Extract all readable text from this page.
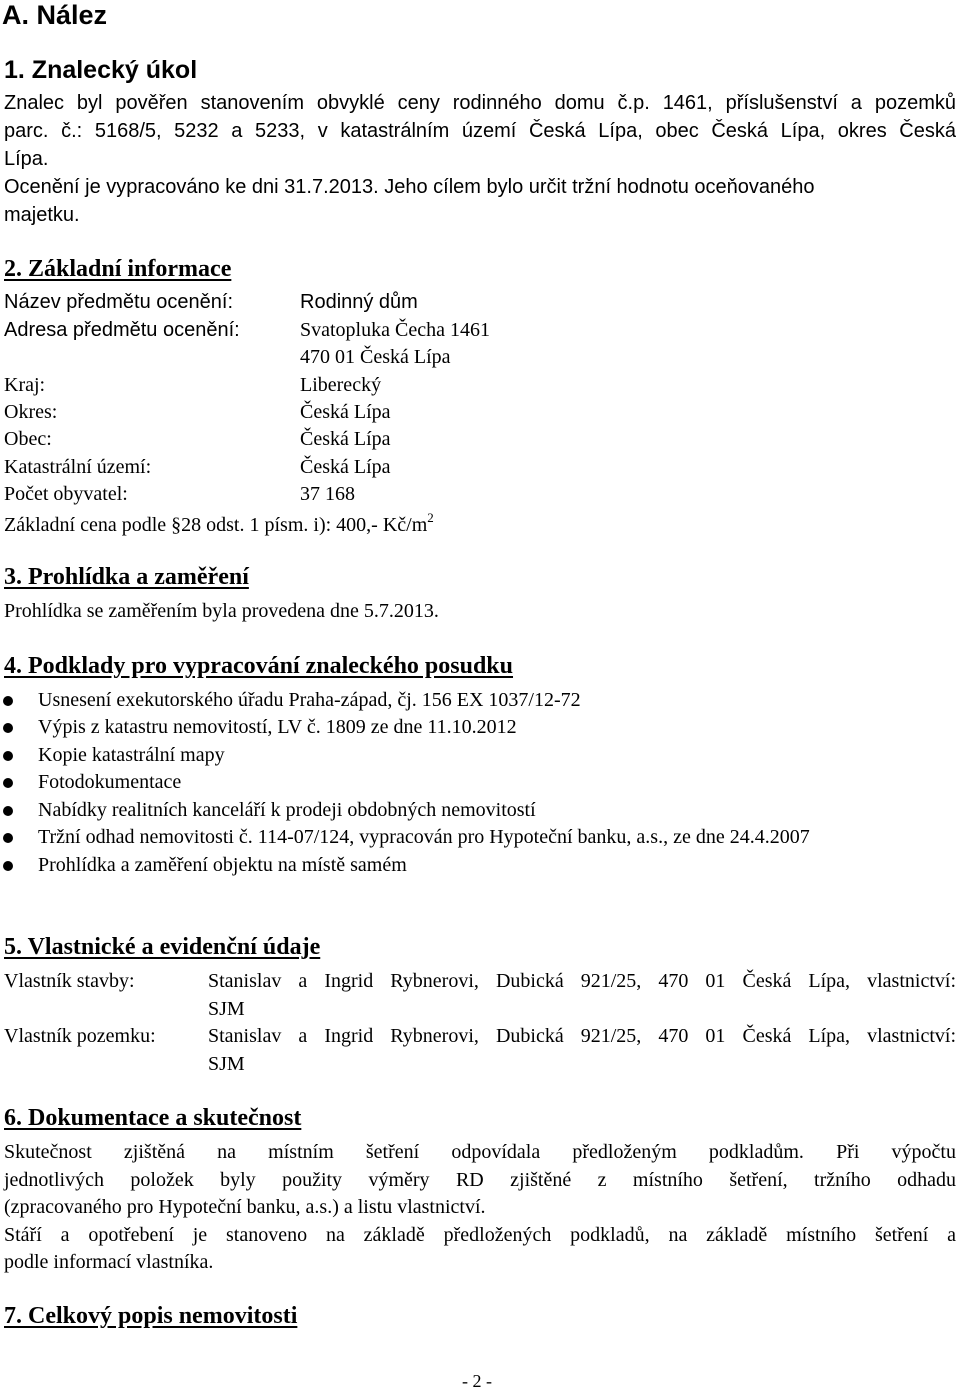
A. Nález
1. Znalecký úkol
Znalec byl pověřen stanovením obvyklé ceny rodinného domu č.p. 1461, příslušenství a pozemků
parc. č.: 5168/5, 5232 a 5233, v katastrálním území Česká Lípa, obec Česká Lípa, okres Česká
Lípa.
Ocenění je vypracováno ke dni 31.7.2013. Jeho cílem bylo určit tržní hodnotu oceňovaného
majetku.
2. Základní informace
Název předmětu ocenění:	Rodinný dům
Adresa předmětu ocenění:	Svatopluka Čecha 1461
470 01 Česká Lípa
Kraj:	Liberecký
Okres:	Česká Lípa
Obec:	Česká Lípa
Katastrální území:	Česká Lípa
Počet obyvatel:	37 168
Základní cena podle §28 odst. 1 písm. i): 400,- $Kč/m^2$
3. Prohlídka a zaměření
Prohlídka se zaměřením byla provedena dne 5.7.2013.
4. Podklady pro vypracování znaleckého posudku
Usnesení exekutorského úřadu Praha-západ, čj. 156 EX 1037/12-72
Výpis z katastru nemovitostí, LV č. 1809 ze dne 11.10.2012
Kopie katastrální mapy
Fotodokumentace
Nabídky realitních kanceláří k prodeji obdobných nemovitostí
Tržní odhad nemovitosti č. 114-07/124, vypracován pro Hypoteční banku, a.s., ze dne 24.4.2007
Prohlídka a zaměření objektu na místě samém
5. Vlastnické a evidenční údaje
Vlastník stavby:	Stanislav a Ingrid Rybnerovi, Dubická 921/25, 470 01 Česká Lípa, vlastnictví:
SJM
Vlastník pozemku:	Stanislav a Ingrid Rybnerovi, Dubická 921/25, 470 01 Česká Lípa, vlastnictví:
SJM
6. Dokumentace a skutečnost
Skutečnost zjištěná na místním šetření odpovídala předloženým podkladům. Při výpočtu
jednotlivých položek byly použity výměry RD zjištěné z místního šetření, tržního odhadu
(zpracovaného pro Hypoteční banku, a.s.) a listu vlastnictví.
Stáří a opotřebení je stanoveno na základě předložených podkladů, na základě místního šetření a
podle informací vlastníka.
7. Celkový popis nemovitosti
- 2 -
